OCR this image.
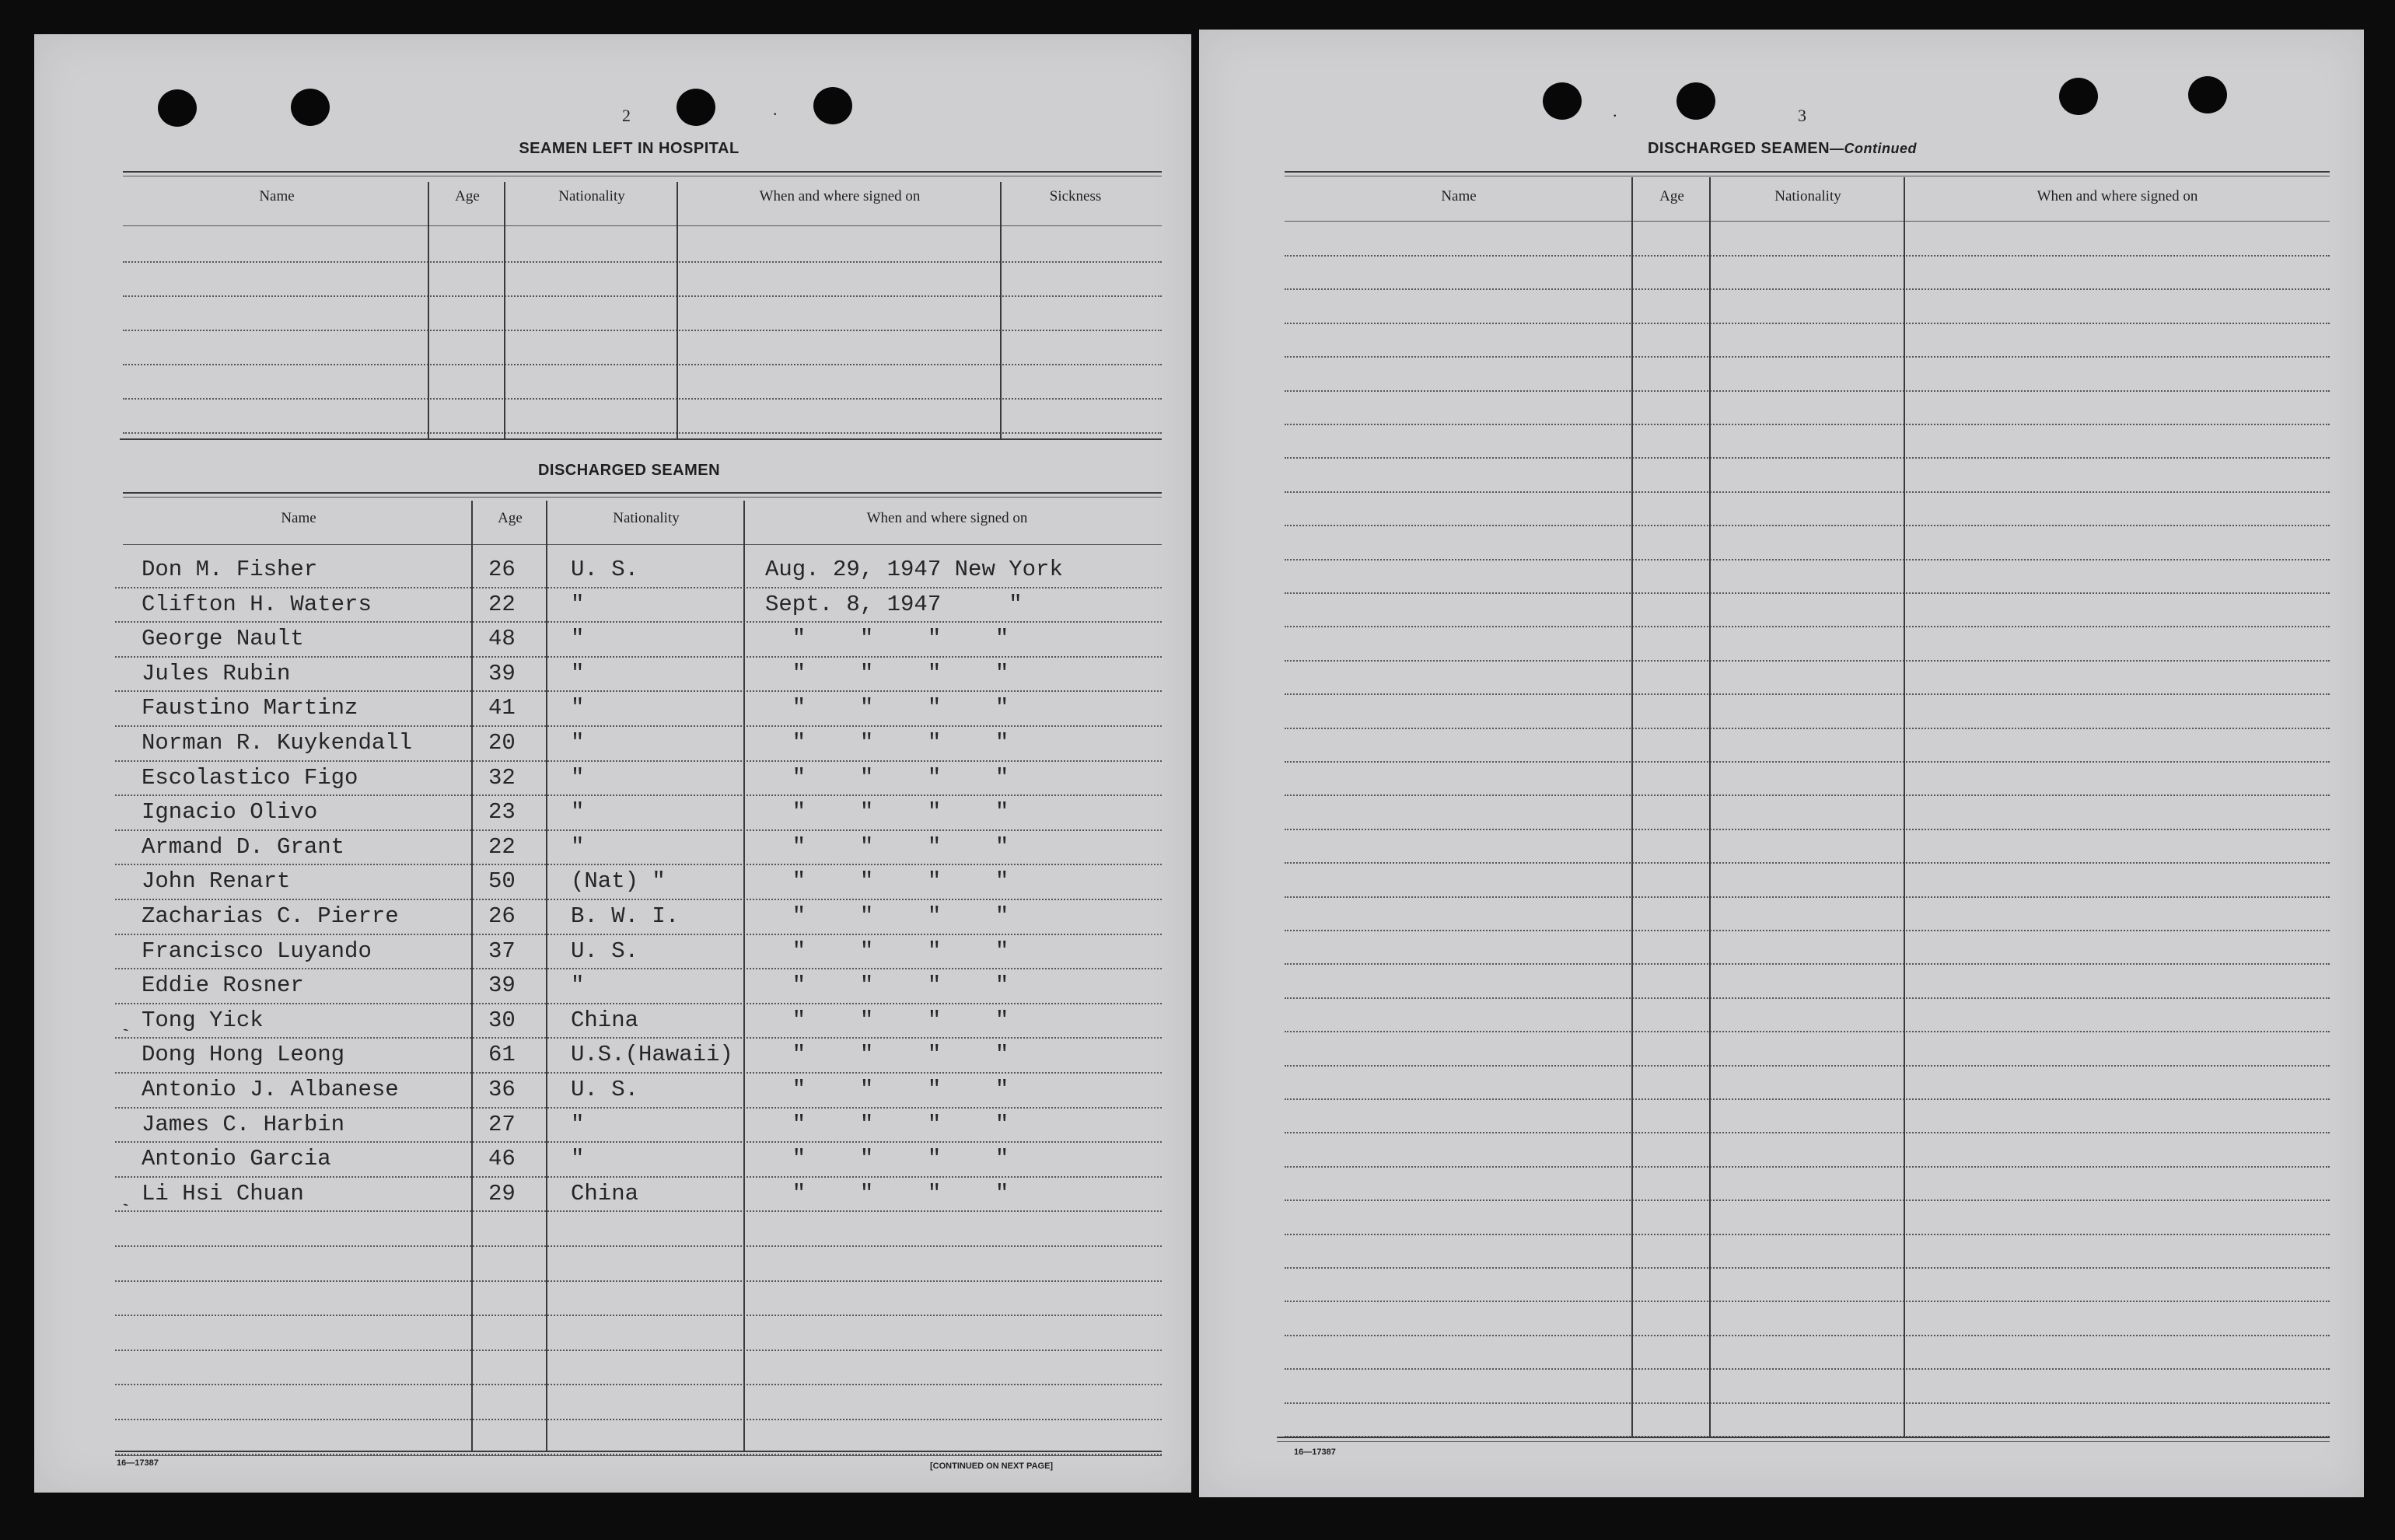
2	.
SEAMEN LEFT IN HOSPITAL
Name	Age	Nationality	When and where signed on	Sickness
DISCHARGED SEAMEN
Name	Age	Nationality	When and where signed on
Don M. Fisher	26 U. S.	Aug. 29, 1947 New York
Clifton H. Waters	22 "	Sept. 8, 1947     "
George Nault	48 "	"    "    "    "
Jules Rubin	39 "	"    "    "    "
Faustino Martinz	41 "	"    "    "    "
Norman R. Kuykendall	20 "	"    "    "    "
Escolastico Figo	32 "	"    "    "    "
Ignacio Olivo	23 "	"    "    "    "
Armand D. Grant	22 "	"    "    "    "
John Renart	50 (Nat) "	"    "    "    "
Zacharias C. Pierre	26 B. W. I.	"    "    "    "
Francisco Luyando	37 U. S.	"    "    "    "
Eddie Rosner	39 "	"    "    "    "
Tong Yick	30 China	"    "    "    "
Dong Hong Leong	61 U.S.(Hawaii) "    "    "    "
Antonio J. Albanese	36 U. S.	"    "    "    "
James C. Harbin	27 "	"    "    "    "
Antonio Garcia	46 "	"    "    "    "
Li Hsi Chuan	29 China	"    "    "    "
16—17387	[CONTINUED ON NEXT PAGE]
`
`
.	3
DISCHARGED SEAMEN—Continued
Name	Age	Nationality	When and where signed on
16—17387
